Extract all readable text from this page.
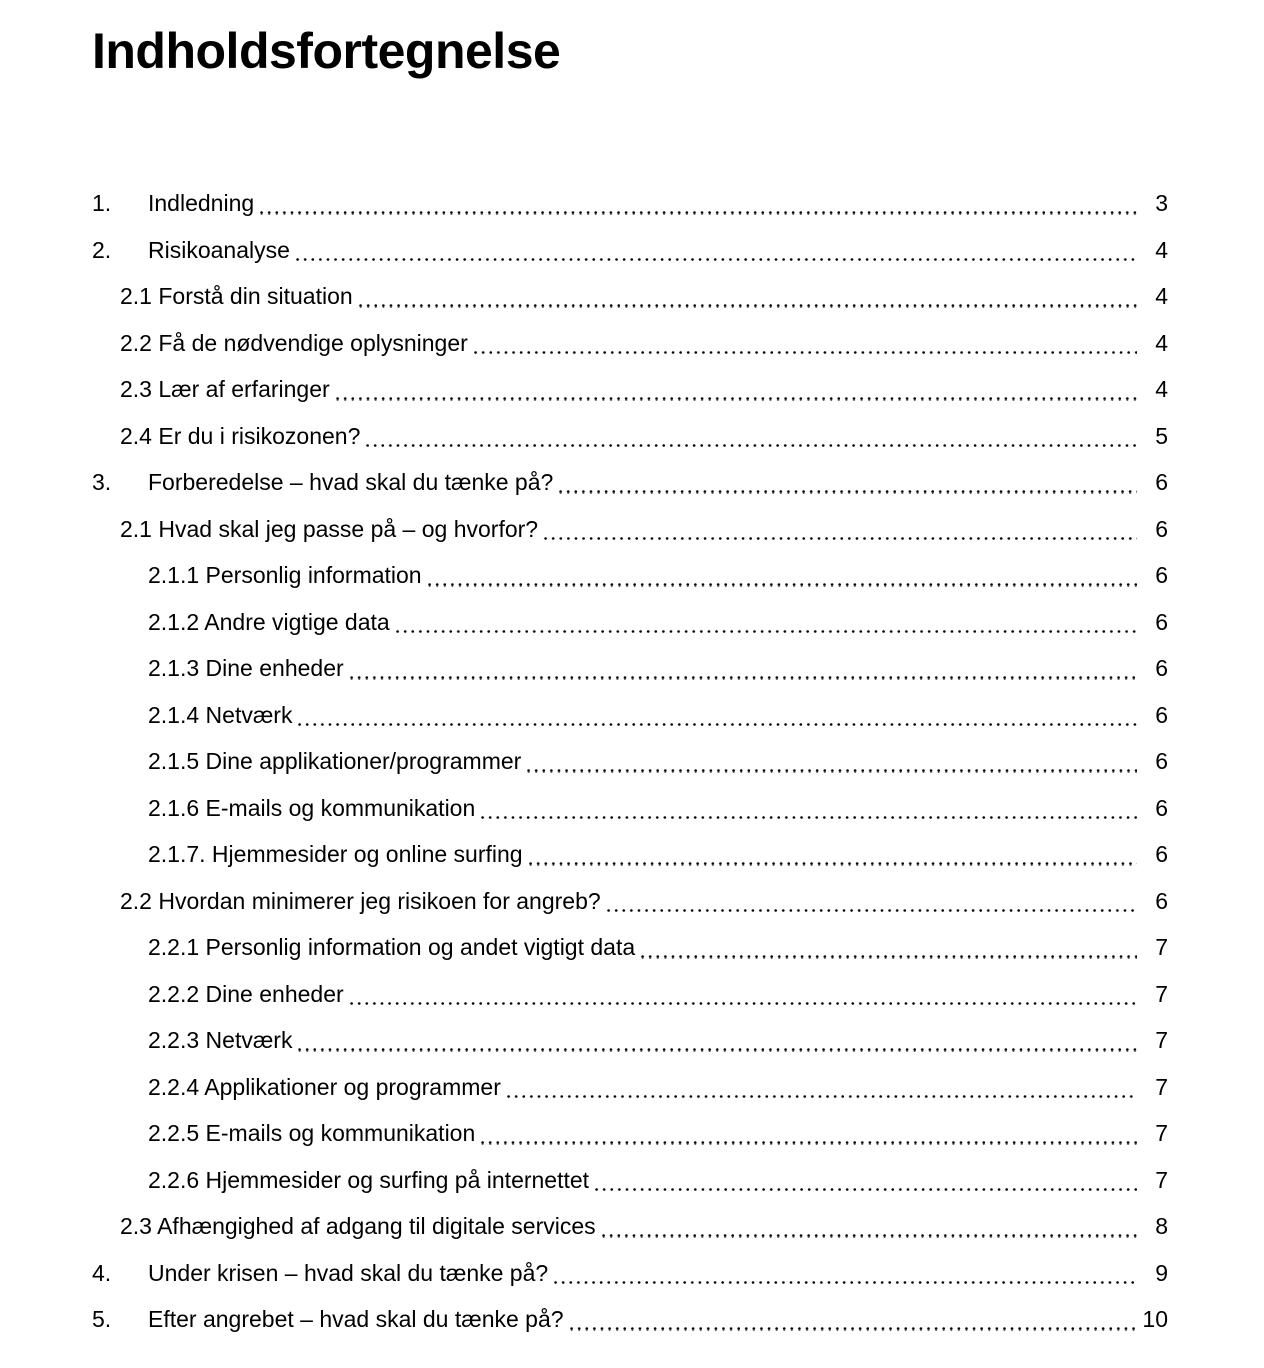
Indholdsfortegnelse
1.	Indledning	3
2.	Risikoanalyse	4
2.1 Forstå din situation	4
2.2 Få de nødvendige oplysninger	4
2.3 Lær af erfaringer	4
2.4 Er du i risikozonen?	5
3.	Forberedelse – hvad skal du tænke på?	6
2.1 Hvad skal jeg passe på – og hvorfor?	6
2.1.1 Personlig information	6
2.1.2 Andre vigtige data	6
2.1.3 Dine enheder	6
2.1.4 Netværk	6
2.1.5 Dine applikationer/programmer	6
2.1.6 E-mails og kommunikation	6
2.1.7. Hjemmesider og online surfing	6
2.2 Hvordan minimerer jeg risikoen for angreb?	6
2.2.1 Personlig information og andet vigtigt data	7
2.2.2 Dine enheder	7
2.2.3 Netværk	7
2.2.4 Applikationer og programmer	7
2.2.5 E-mails og kommunikation	7
2.2.6 Hjemmesider og surfing på internettet	7
2.3 Afhængighed af adgang til digitale services	8
4.	Under krisen – hvad skal du tænke på?	9
5.	Efter angrebet – hvad skal du tænke på?	10
